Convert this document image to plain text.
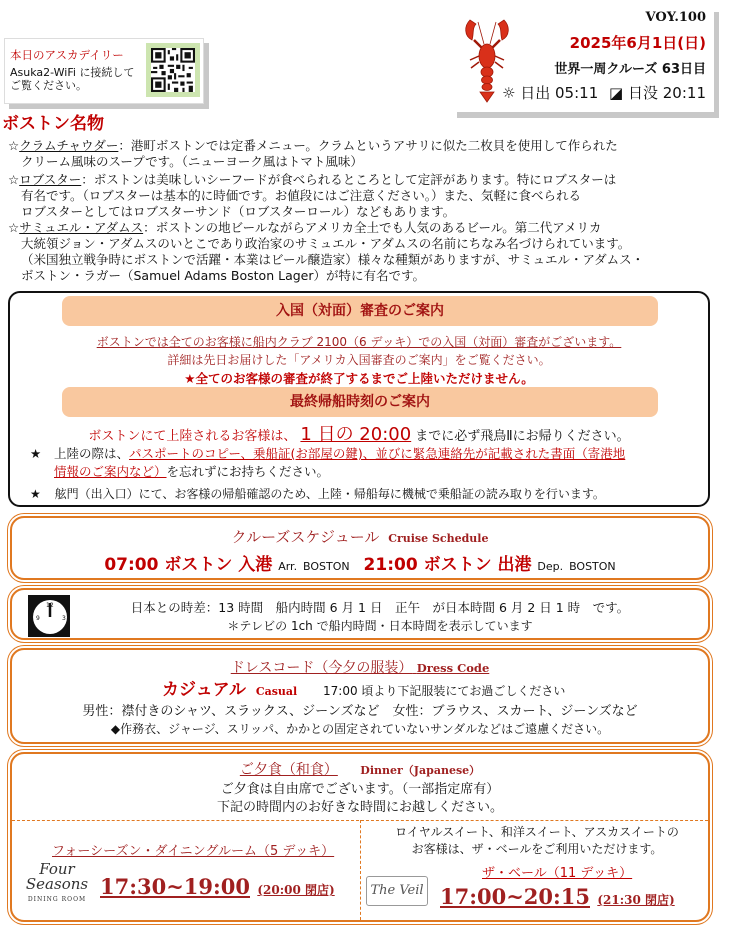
本日のアスカデイリー
Asuka2-WiFi に接続して
ご覧ください。
VOY.100
2025年6月1日(日)
世界一周クルーズ 63日目
☼ 日出 05:11 ◪ 日没 20:11
ボストン名物
☆クラムチャウダー：港町ボストンでは定番メニュー。クラムというアサリに似た二枚貝を使用して作られた
クリーム風味のスープです。（ニューヨーク風はトマト風味）
☆ロブスター：ボストンは美味しいシーフードが食べられるところとして定評があります。特にロブスターは
有名です。（ロブスターは基本的に時価です。お値段にはご注意ください。）また、気軽に食べられる
ロブスターとしてはロブスターサンド（ロブスターロール）などもあります。
☆サミュエル・アダムス：ボストンの地ビールながらアメリカ全土でも人気のあるビール。第二代アメリカ
大統領ジョン・アダムスのいとこであり政治家のサミュエル・アダムスの名前にちなみ名づけられています。
（米国独立戦争時にボストンで活躍・本業はビール醸造家）様々な種類がありますが、サミュエル・アダムス・
ボストン・ラガー（Samuel Adams Boston Lager）が特に有名です。
入国（対面）審査のご案内
ボストンでは全てのお客様に船内クラブ 2100（6 デッキ）での入国（対面）審査がございます。
詳細は先日お届けした「アメリカ入国審査のご案内」をご覧ください。
★全てのお客様の審査が終了するまでご上陸いただけません。
最終帰船時刻のご案内
ボストンにて上陸されるお客様は、 1 日の 20:00 までに必ず飛鳥Ⅱにお帰りください。
★	上陸の際は、パスポートのコピー、乗船証(お部屋の鍵)、並びに緊急連絡先が記載された書面（寄港地
情報のご案内など）を忘れずにお持ちください。
★ 舷門（出入口）にて、お客様の帰船確認のため、上陸・帰船毎に機械で乗船証の読み取りを行います。
クルーズスケジュール Cruise Schedule
07:00 ボストン 入港 Arr. BOSTON 21:00 ボストン 出港 Dep. BOSTON
12
3
9
日本との時差：13 時間　船内時間 6 月 1 日　正午　が日本時間 6 月 2 日 1 時　です。
＊テレビの 1ch で船内時間・日本時間を表示しています
ドレスコード（今夕の服装） Dress Code
カジュアル Casual 17:00 頃より下記服装にてお過ごしください
男性：襟付きのシャツ、スラックス、ジーンズなど　女性：ブラウス、スカート、ジーンズなど
◆作務衣、ジャージ、スリッパ、かかとの固定されていないサンダルなどはご遠慮ください。
ご夕食（和食） Dinner（Japanese）
ご夕食は自由席でございます。（一部指定席有）
下記の時間内のお好きな時間にお越しください。
フォーシーズン・ダイニングルーム（5 デッキ）
Four
Seasons
DINING ROOM
17:30~19:00 (20:00 閉店)
ロイヤルスイート、和洋スイート、アスカスイートの
お客様は、ザ・ベールをご利用いただけます。
ザ・ベール（11 デッキ）
The Veil 17:00~20:15 (21:30 閉店)
